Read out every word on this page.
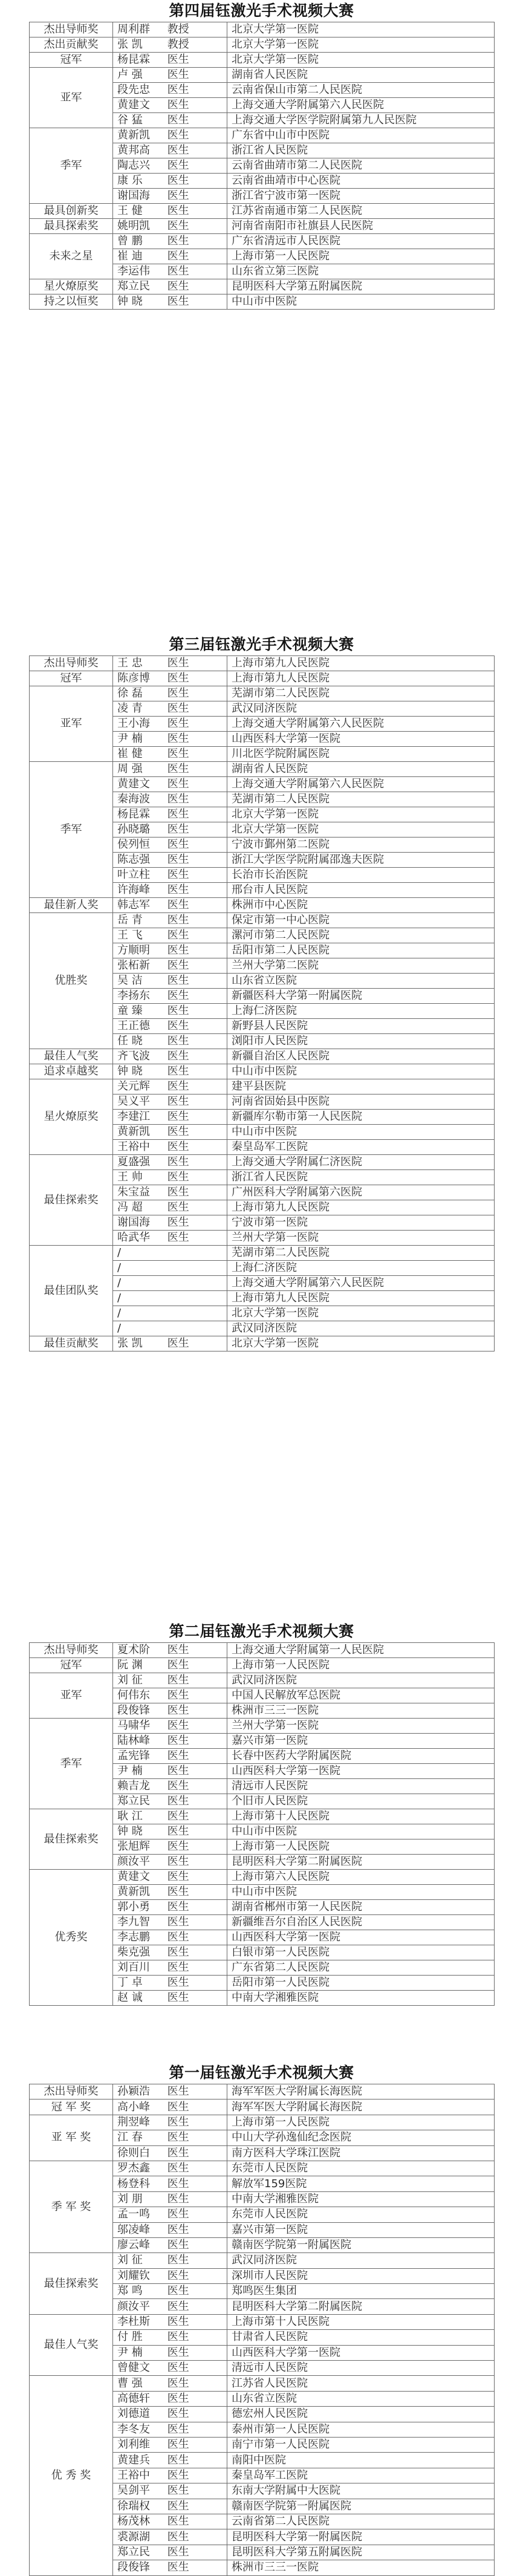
第四届钰激光手术视频大赛
杰出导师奖	周利群 教授	北京大学第一医院
杰出贡献奖	张 凯 教授	北京大学第一医院
冠军	杨昆霖 医生	北京大学第一医院
亚军	卢 强 医生	湖南省人民医院
	段先忠 医生	云南省保山市第二人民医院
	黄建文 医生	上海交通大学附属第六人民医院
	谷 猛 医生	上海交通大学医学院附属第九人民医院
季军	黄新凯 医生	广东省中山市中医院
	黄邦高 医生	浙江省人民医院
	陶志兴 医生	云南省曲靖市第二人民医院
	康 乐 医生	云南省曲靖市中心医院
	谢国海 医生	浙江省宁波市第一医院
最具创新奖	王 健 医生	江苏省南通市第二人民医院
最具探索奖	姚明凯 医生	河南省南阳市社旗县人民医院
未来之星	曾 鹏 医生	广东省清远市人民医院
	崔 迪 医生	上海市第一人民医院
	李运伟 医生	山东省立第三医院
星火燎原奖	郑立民 医生	昆明医科大学第五附属医院
持之以恒奖	钟 晓 医生	中山市中医院
第三届钰激光手术视频大赛
杰出导师奖	王 忠 医生	上海市第九人民医院
冠军	陈彦博 医生	上海市第九人民医院
亚军	徐 磊 医生	芜湖市第二人民医院
	凌 青 医生	武汉同济医院
	王小海 医生	上海交通大学附属第六人民医院
	尹 楠 医生	山西医科大学第一医院
	崔 健 医生	川北医学院附属医院
季军	周 强 医生	湖南省人民医院
	黄建文 医生	上海交通大学附属第六人民医院
	秦海波 医生	芜湖市第二人民医院
	杨昆霖 医生	北京大学第一医院
	孙晓璐 医生	北京大学第一医院
	侯列恒 医生	宁波市鄞州第二医院
	陈志强 医生	浙江大学医学院附属邵逸夫医院
	叶立柱 医生	长治市长治医院
	许海峰 医生	邢台市人民医院
最佳新人奖	韩志军 医生	株洲市中心医院
优胜奖	岳 青 医生	保定市第一中心医院
	王 飞 医生	漯河市第二人民医院
	方顺明 医生	岳阳市第二人民医院
	张柘新 医生	兰州大学第二医院
	吴 洁 医生	山东省立医院
	李扬东 医生	新疆医科大学第一附属医院
	童 臻 医生	上海仁济医院
	王正德 医生	新野县人民医院
	任 晓 医生	浏阳市人民医院
最佳人气奖	齐飞波 医生	新疆自治区人民医院
追求卓越奖	钟 晓 医生	中山市中医院
星火燎原奖	关元辉 医生	建平县医院
	吴义平 医生	河南省固始县中医院
	李建江 医生	新疆库尔勒市第一人民医院
	黄新凯 医生	中山市中医院
	王裕中 医生	秦皇岛军工医院
最佳探索奖	夏盛强 医生	上海交通大学附属仁济医院
	王 帅 医生	浙江省人民医院
	朱宝益 医生	广州医科大学附属第六医院
	冯 超 医生	上海市第九人民医院
	谢国海 医生	宁波市第一医院
	哈武华 医生	兰州大学第一医院
最佳团队奖	/	芜湖市第二人民医院
	/	上海仁济医院
	/	上海交通大学附属第六人民医院
	/	上海市第九人民医院
	/	北京大学第一医院
	/	武汉同济医院
最佳贡献奖	张 凯 医生	北京大学第一医院
第二届钰激光手术视频大赛
杰出导师奖	夏术阶 医生	上海交通大学附属第一人民医院
冠军	阮 渊 医生	上海市第一人民医院
亚军	刘 征 医生	武汉同济医院
	何伟东 医生	中国人民解放军总医院
	段俊锋 医生	株洲市三三一医院
季军	马啸华 医生	兰州大学第一医院
	陆林峰 医生	嘉兴市第一医院
	孟宪锋 医生	长春中医药大学附属医院
	尹 楠 医生	山西医科大学第一医院
	赖吉龙 医生	清远市人民医院
	郑立民 医生	个旧市人民医院
最佳探索奖	耿 江 医生	上海市第十人民医院
	钟 晓 医生	中山市中医院
	张旭辉 医生	上海市第一人民医院
	颜汝平 医生	昆明医科大学第二附属医院
优秀奖	黄建文 医生	上海市第六人民医院
	黄新凯 医生	中山市中医院
	郭小勇 医生	湖南省郴州市第一人民医院
	李九智 医生	新疆维吾尔自治区人民医院
	李志鹏 医生	山西医科大学第一医院
	柴克强 医生	白银市第一人民医院
	刘百川 医生	广东省第二人民医院
	丁 卓 医生	岳阳市第一人民医院
	赵 诚 医生	中南大学湘雅医院
第一届钰激光手术视频大赛
杰出导师奖	孙颖浩 医生	海军军医大学附属长海医院
冠 军 奖	高小峰 医生	海军军医大学附属长海医院
亚 军 奖	荆翌峰 医生	上海市第一人民医院
	江 春 医生	中山大学孙逸仙纪念医院
	徐则白 医生	南方医科大学珠江医院
季 军 奖	罗杰鑫 医生	东莞市人民医院
	杨登科 医生	解放军159医院
	刘 朋 医生	中南大学湘雅医院
	孟一鸣 医生	东莞市人民医院
	邬凌峰 医生	嘉兴市第一医院
	廖云峰 医生	赣南医学院第一附属医院
最佳探索奖	刘 征 医生	武汉同济医院
	刘耀钦 医生	深圳市人民医院
	郑 鸣 医生	郑鸣医生集团
	颜汝平 医生	昆明医科大学第二附属医院
最佳人气奖	李杜斯 医生	上海市第十人民医院
	付 胜 医生	甘肃省人民医院
	尹 楠 医生	山西医科大学第一医院
	曾健文 医生	清远市人民医院
优 秀 奖	曹 强 医生	江苏省人民医院
	高德轩 医生	山东省立医院
	刘德道 医生	德宏州人民医院
	李冬友 医生	泰州市第一人民医院
	刘利维 医生	南宁市第一人民医院
	黄建兵 医生	南阳中医院
	王裕中 医生	秦皇岛军工医院
	吴剑平 医生	东南大学附属中大医院
	徐瑞权 医生	赣南医学院第一附属医院
	杨茂林 医生	云南省第二人民医院
	裘源湖 医生	昆明医科大学第一附属医院
	郑立民 医生	昆明医科大学第五附属医院
	段俊锋 医生	株洲市三三一医院
